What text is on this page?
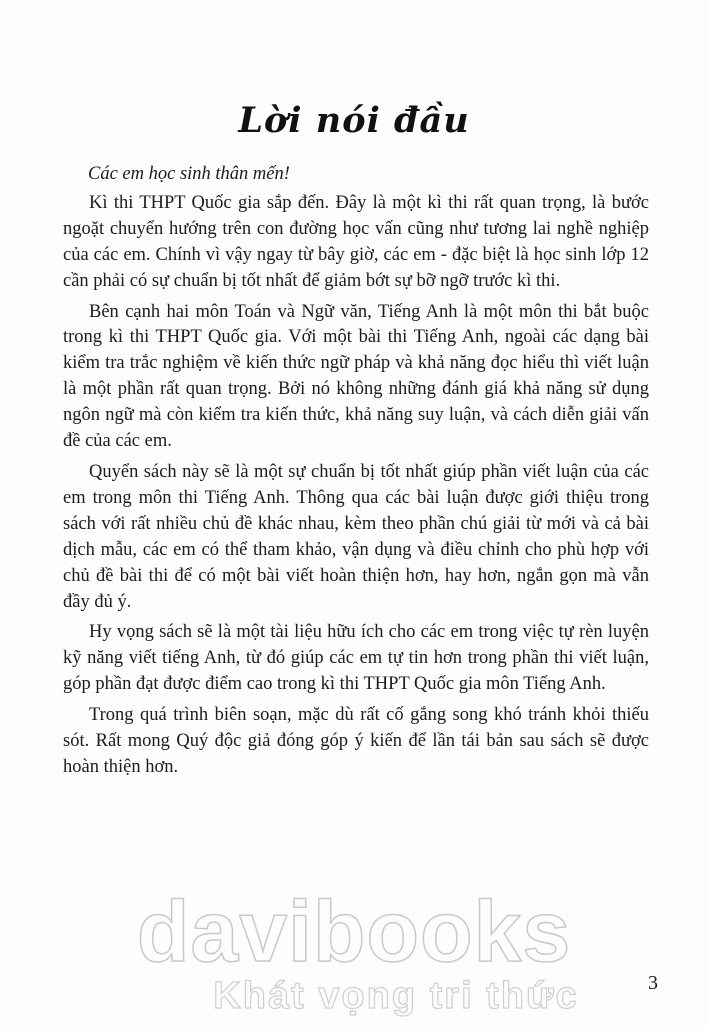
Lời nói đầu

Các em học sinh thân mến!

Kì thi THPT Quốc gia sắp đến. Đây là một kì thi rất quan trọng, là bước ngoặt chuyển hướng trên con đường học vấn cũng như tương lai nghề nghiệp của các em. Chính vì vậy ngay từ bây giờ, các em - đặc biệt là học sinh lớp 12 cần phải có sự chuẩn bị tốt nhất để giảm bớt sự bỡ ngỡ trước kì thi.

Bên cạnh hai môn Toán và Ngữ văn, Tiếng Anh là một môn thi bắt buộc trong kì thi THPT Quốc gia. Với một bài thi Tiếng Anh, ngoài các dạng bài kiểm tra trắc nghiệm về kiến thức ngữ pháp và khả năng đọc hiểu thì viết luận là một phần rất quan trọng. Bởi nó không những đánh giá khả năng sử dụng ngôn ngữ mà còn kiểm tra kiến thức, khả năng suy luận, và cách diễn giải vấn đề của các em.

Quyển sách này sẽ là một sự chuẩn bị tốt nhất giúp phần viết luận của các em trong môn thi Tiếng Anh. Thông qua các bài luận được giới thiệu trong sách với rất nhiều chủ đề khác nhau, kèm theo phần chú giải từ mới và cả bài dịch mẫu, các em có thể tham khảo, vận dụng và điều chỉnh cho phù hợp với chủ đề bài thi để có một bài viết hoàn thiện hơn, hay hơn, ngắn gọn mà vẫn đầy đủ ý.

Hy vọng sách sẽ là một tài liệu hữu ích cho các em trong việc tự rèn luyện kỹ năng viết tiếng Anh, từ đó giúp các em tự tin hơn trong phần thi viết luận, góp phần đạt được điểm cao trong kì thi THPT Quốc gia môn Tiếng Anh.

Trong quá trình biên soạn, mặc dù rất cố gắng song khó tránh khỏi thiếu sót. Rất mong Quý độc giả đóng góp ý kiến để lần tái bản sau sách sẽ được hoàn thiện hơn.

davibooks
Khát vọng tri thức	3
